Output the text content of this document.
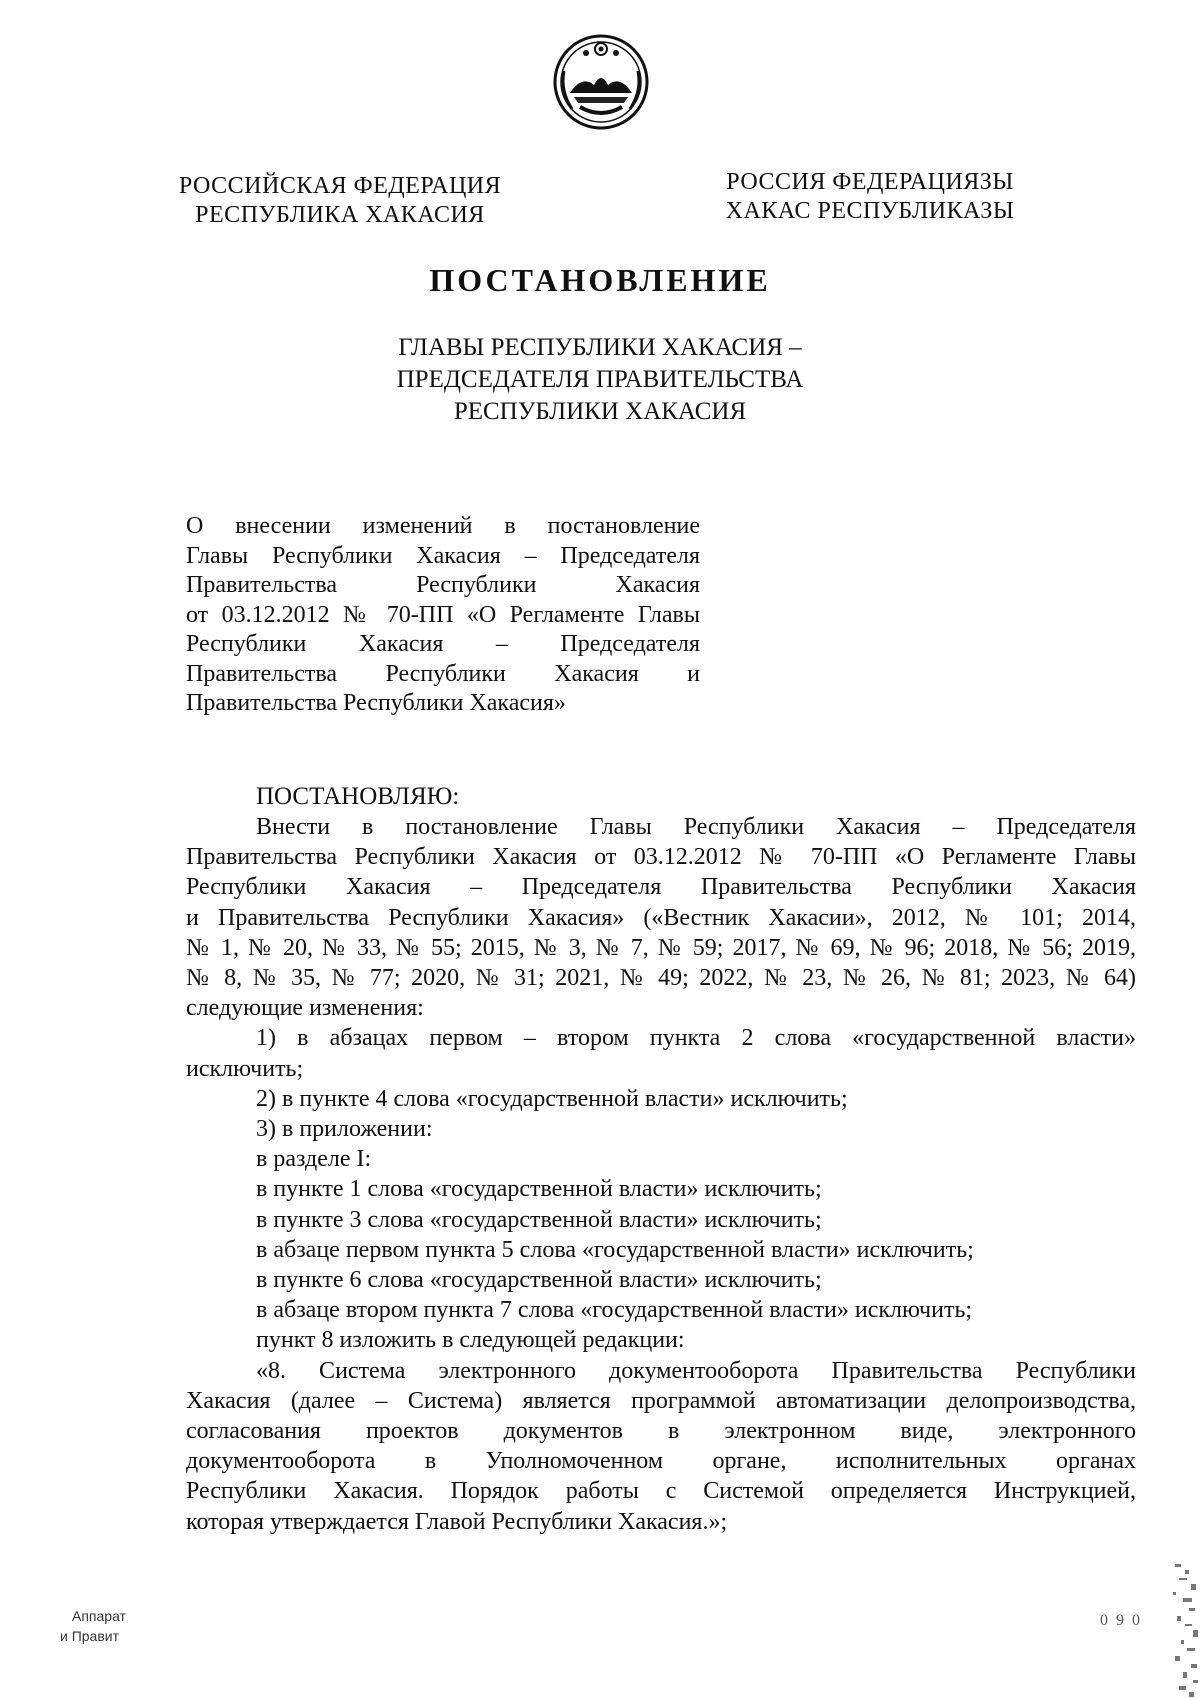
РОССИЙСКАЯ ФЕДЕРАЦИЯ
РЕСПУБЛИКА ХАКАСИЯ
РОССИЯ ФЕДЕРАЦИЯЗЫ
ХАКАС РЕСПУБЛИКАЗЫ
ПОСТАНОВЛЕНИЕ
ГЛАВЫ РЕСПУБЛИКИ ХАКАСИЯ –
ПРЕДСЕДАТЕЛЯ ПРАВИТЕЛЬСТВА
РЕСПУБЛИКИ ХАКАСИЯ
О внесении изменений в постановление
Главы Республики Хакасия – Председателя
Правительства Республики Хакасия
от 03.12.2012 № 70-ПП «О Регламенте Главы
Республики Хакасия – Председателя
Правительства Республики Хакасия и
Правительства Республики Хакасия»
ПОСТАНОВЛЯЮ:
Внести в постановление Главы Республики Хакасия – Председателя
Правительства Республики Хакасия от 03.12.2012 № 70-ПП «О Регламенте Главы
Республики Хакасия – Председателя Правительства Республики Хакасия
и Правительства Республики Хакасия» («Вестник Хакасии», 2012, № 101; 2014,
№ 1, № 20, № 33, № 55; 2015, № 3, № 7, № 59; 2017, № 69, № 96; 2018, № 56; 2019,
№ 8, № 35, № 77; 2020, № 31; 2021, № 49; 2022, № 23, № 26, № 81; 2023, № 64)
следующие изменения:
1) в абзацах первом – втором пункта 2 слова «государственной власти»
исключить;
2) в пункте 4 слова «государственной власти» исключить;
3) в приложении:
в разделе I:
в пункте 1 слова «государственной власти» исключить;
в пункте 3 слова «государственной власти» исключить;
в абзаце первом пункта 5 слова «государственной власти» исключить;
в пункте 6 слова «государственной власти» исключить;
в абзаце втором пункта 7 слова «государственной власти» исключить;
пункт 8 изложить в следующей редакции:
«8. Система электронного документооборота Правительства Республики
Хакасия (далее – Система) является программой автоматизации делопроизводства,
согласования проектов документов в электронном виде, электронного
документооборота в Уполномоченном органе, исполнительных органах
Республики Хакасия. Порядок работы с Системой определяется Инструкцией,
которая утверждается Главой Республики Хакасия.»;
Аппарат
и Правит
0 9 0
